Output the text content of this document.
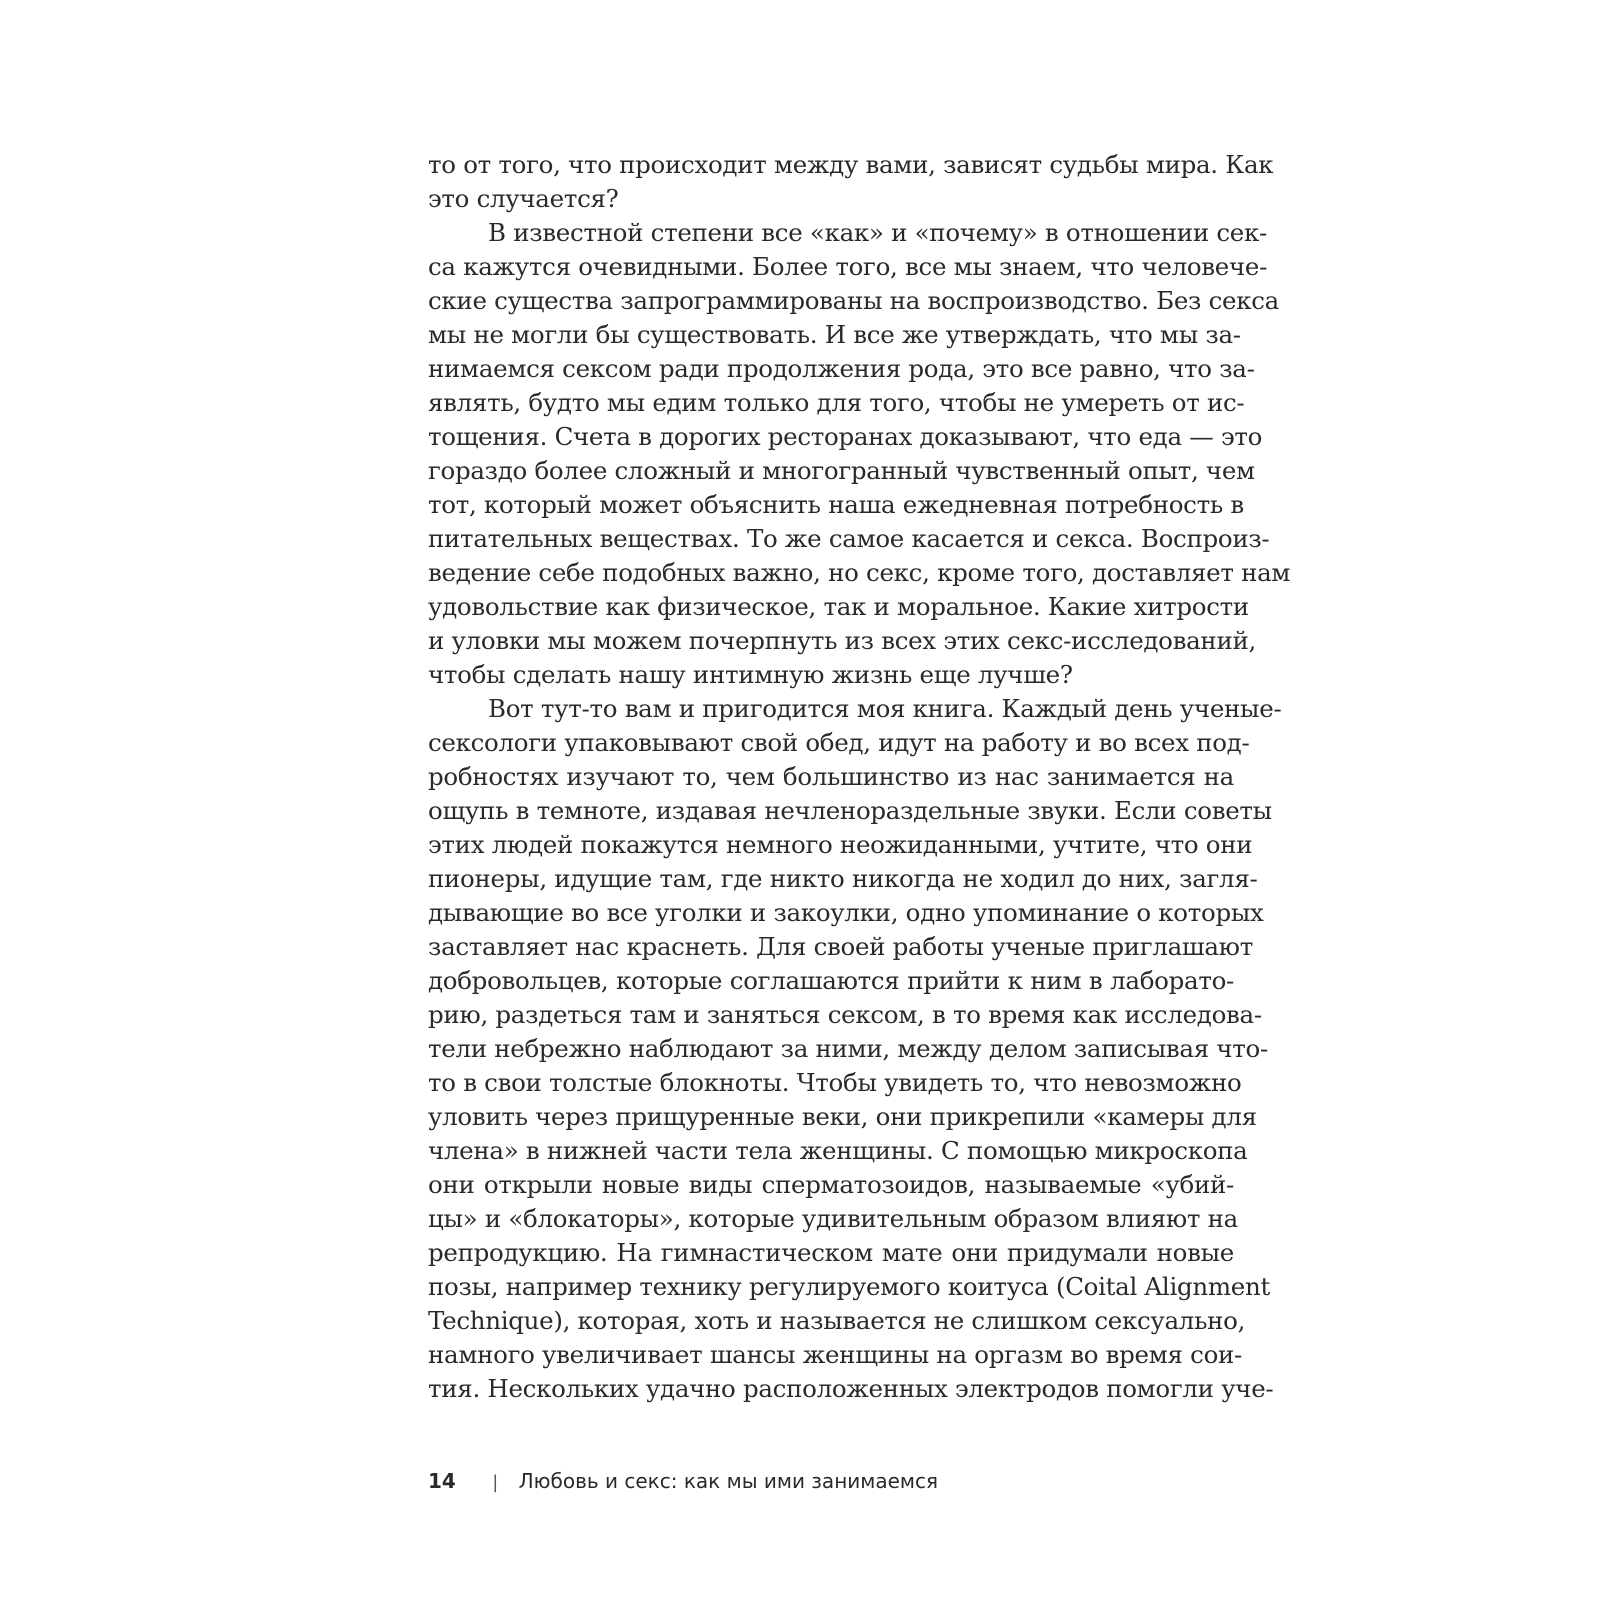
то от того, что происходит между вами, зависят судьбы мира. Как
это случается?
В известной степени все «как» и «почему» в отношении сек-
са кажутся очевидными. Более того, все мы знаем, что человече-
ские существа запрограммированы на воспроизводство. Без секса
мы не могли бы существовать. И все же утверждать, что мы за-
нимаемся сексом ради продолжения рода, это все равно, что за-
являть, будто мы едим только для того, чтобы не умереть от ис-
тощения. Счета в дорогих ресторанах доказывают, что еда — это
гораздо более сложный и многогранный чувственный опыт, чем
тот, который может объяснить наша ежедневная потребность в
питательных веществах. То же самое касается и секса. Воспроиз-
ведение себе подобных важно, но секс, кроме того, доставляет нам
удовольствие как физическое, так и моральное. Какие хитрости
и уловки мы можем почерпнуть из всех этих секс-исследований,
чтобы сделать нашу интимную жизнь еще лучше?
Вот тут-то вам и пригодится моя книга. Каждый день ученые-
сексологи упаковывают свой обед, идут на работу и во всех под-
робностях изучают то, чем большинство из нас занимается на
ощупь в темноте, издавая нечленораздельные звуки. Если советы
этих людей покажутся немного неожиданными, учтите, что они
пионеры, идущие там, где никто никогда не ходил до них, загля-
дывающие во все уголки и закоулки, одно упоминание о которых
заставляет нас краснеть. Для своей работы ученые приглашают
добровольцев, которые соглашаются прийти к ним в лаборато-
рию, раздеться там и заняться сексом, в то время как исследова-
тели небрежно наблюдают за ними, между делом записывая что-
то в свои толстые блокноты. Чтобы увидеть то, что невозможно
уловить через прищуренные веки, они прикрепили «камеры для
члена» в нижней части тела женщины. С помощью микроскопа
они открыли новые виды сперматозоидов, называемые «убий-
цы» и «блокаторы», которые удивительным образом влияют на
репродукцию. На гимнастическом мате они придумали новые
позы, например технику регулируемого коитуса (Coital Alignment
Technique), которая, хоть и называется не слишком сексуально,
намного увеличивает шансы женщины на оргазм во время сои-
тия. Нескольких удачно расположенных электродов помогли уче-
14 | Любовь и секс: как мы ими занимаемся
